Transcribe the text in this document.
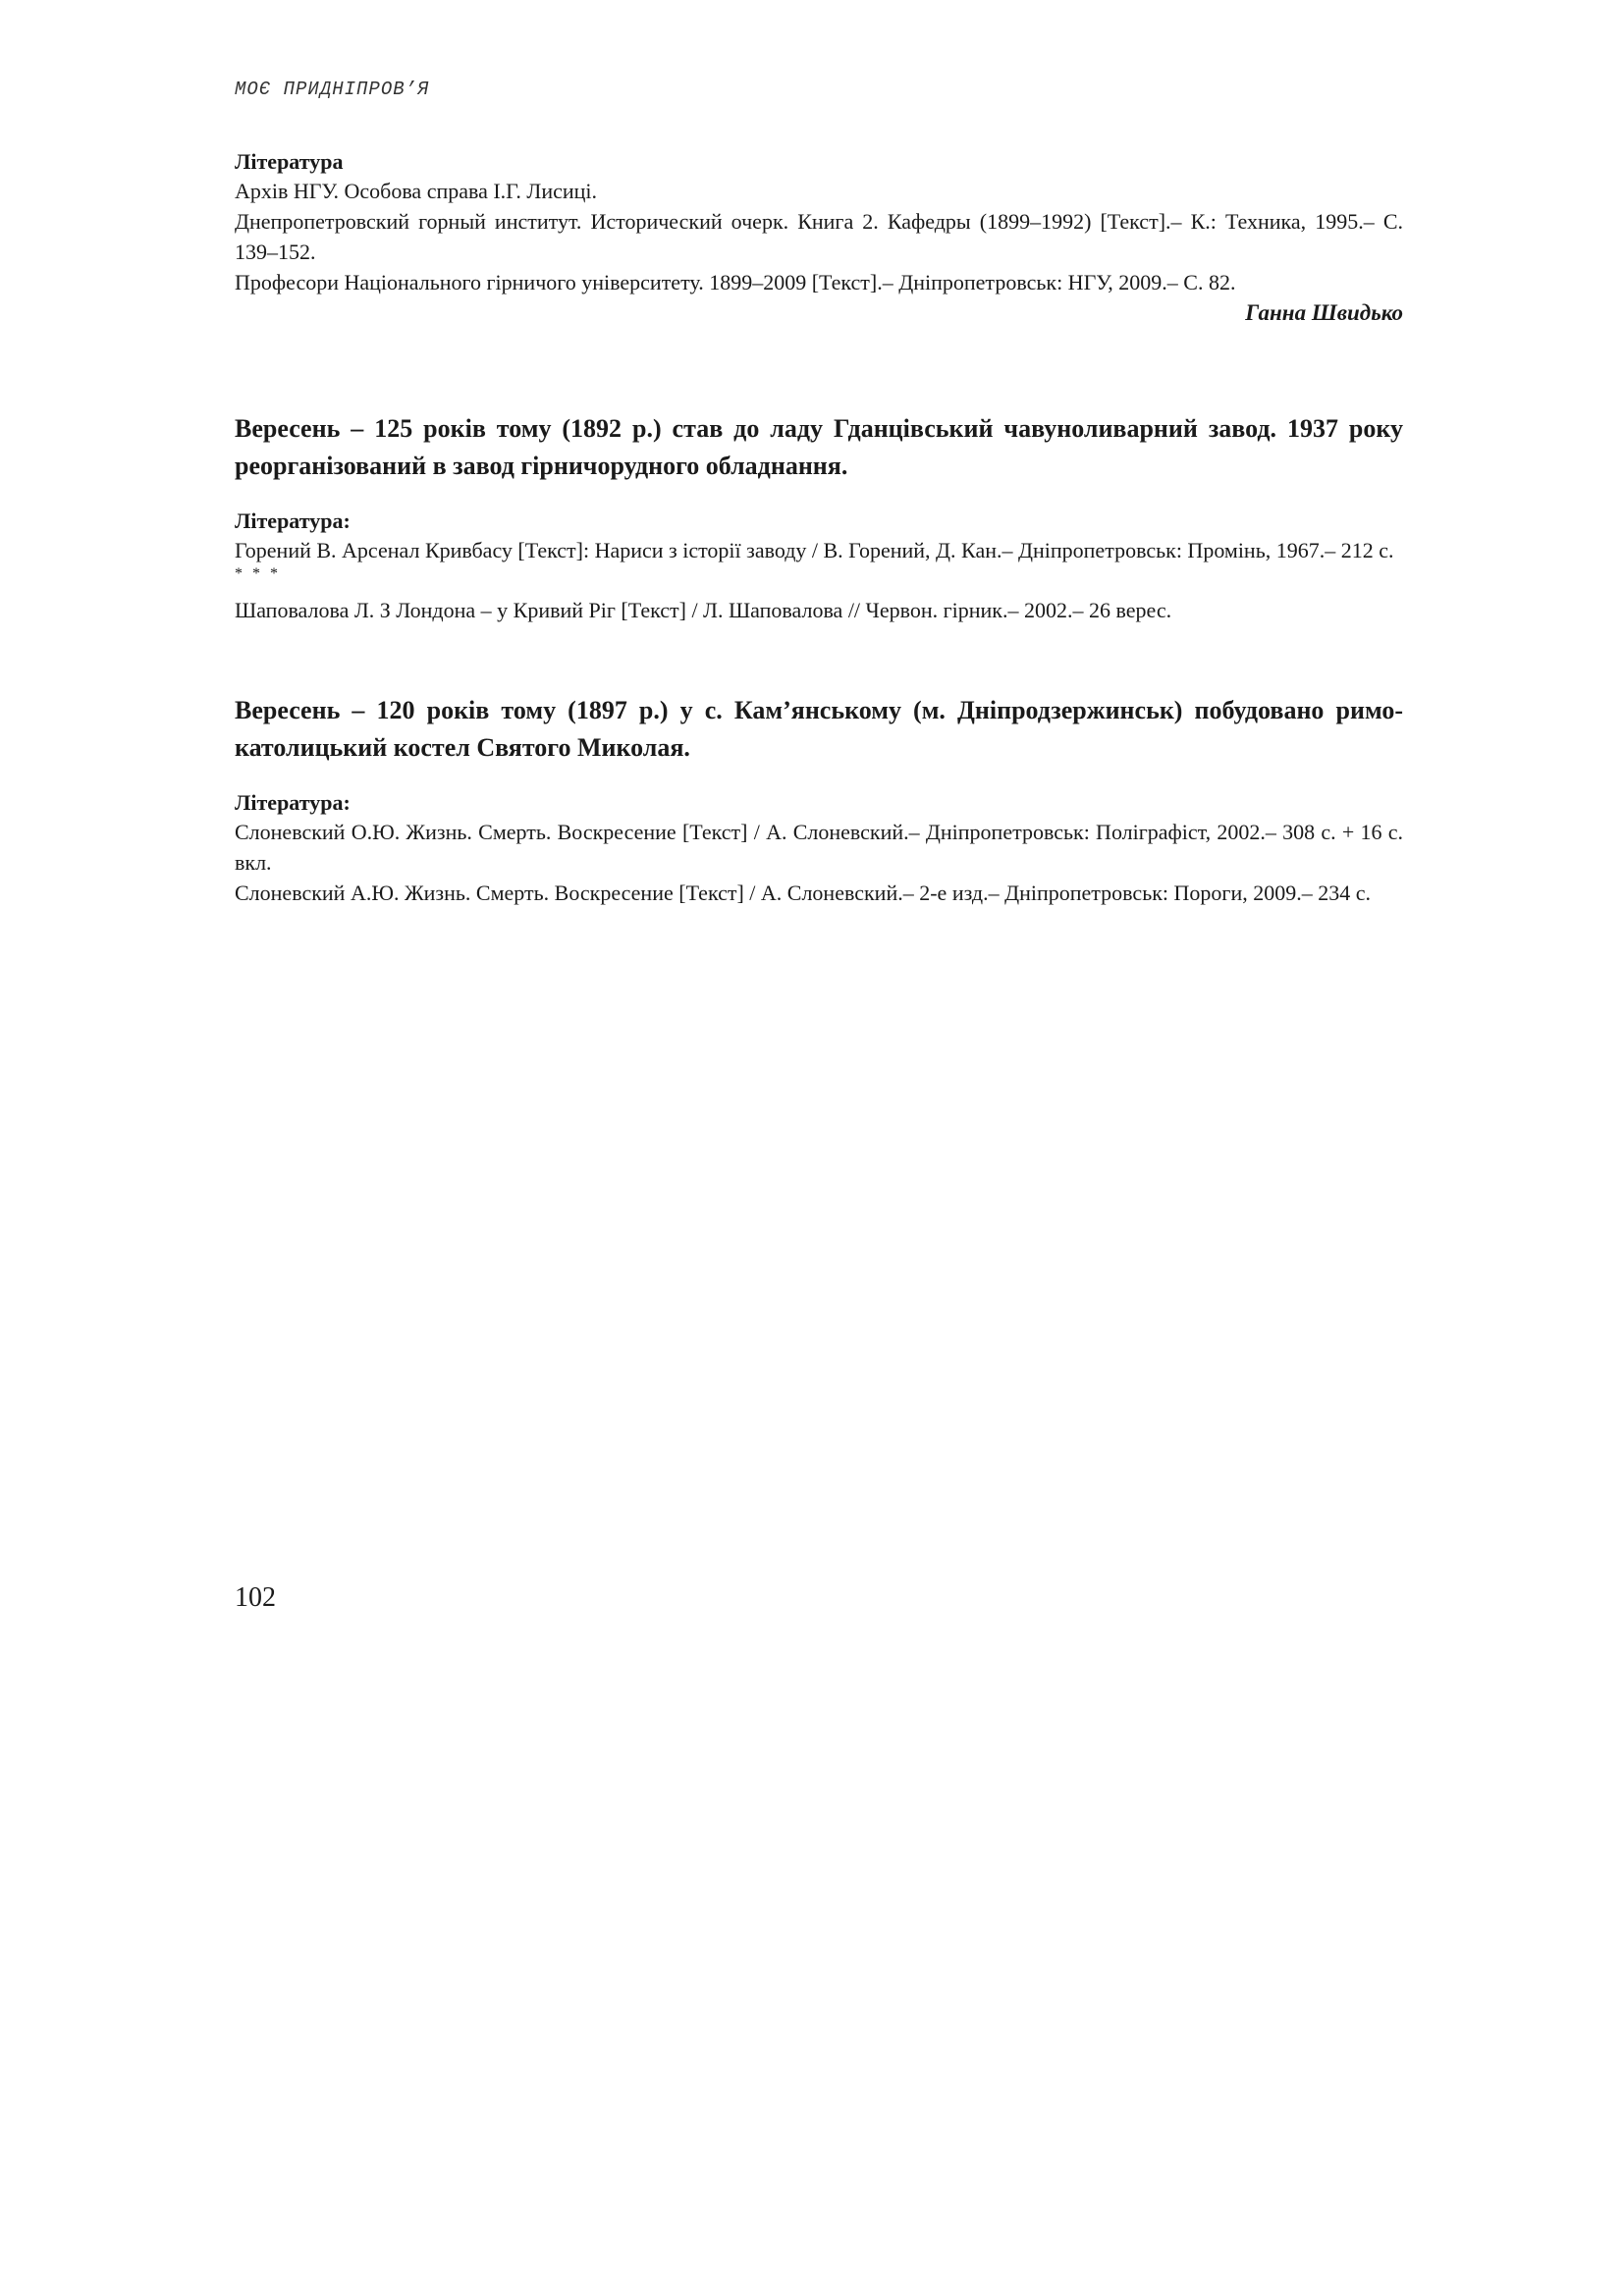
МОЄ ПРИДНІПРОВ’Я
Література
Архів НГУ. Особова справа І.Г. Лисиці.
Днепропетровский горный институт. Исторический очерк. Книга 2. Кафедры (1899–1992) [Текст].– К.: Техника, 1995.– С. 139–152.
Професори Національного гірничого університету. 1899–2009 [Текст].– Дніпропетровськ: НГУ, 2009.– С. 82.
Ганна Швидько
Вересень – 125 років тому (1892 р.) став до ладу Гданцівський чавуноливарний завод. 1937 року реорганізований в завод гірничорудного обладнання.
Література:
Горений В. Арсенал Кривбасу [Текст]: Нариси з історії заводу / В. Горений, Д. Кан.– Дніпропетровськ: Промінь, 1967.– 212 с.
* * *
Шаповалова Л. З Лондона – у Кривий Ріг [Текст] / Л. Шаповалова // Червон. гірник.– 2002.– 26 верес.
Вересень – 120 років тому (1897 р.) у с. Кам’янському (м. Дніпродзержинськ) побудовано римо-католицький костел Святого Миколая.
Література:
Слоневский О.Ю. Жизнь. Смерть. Воскресение [Текст] / А. Слоневский.– Дніпропетровськ: Поліграфіст, 2002.– 308 с. + 16 с. вкл.
Слоневский А.Ю. Жизнь. Смерть. Воскресение [Текст] / А. Слоневский.– 2-е изд.– Дніпропетровськ: Пороги, 2009.– 234 с.
102
